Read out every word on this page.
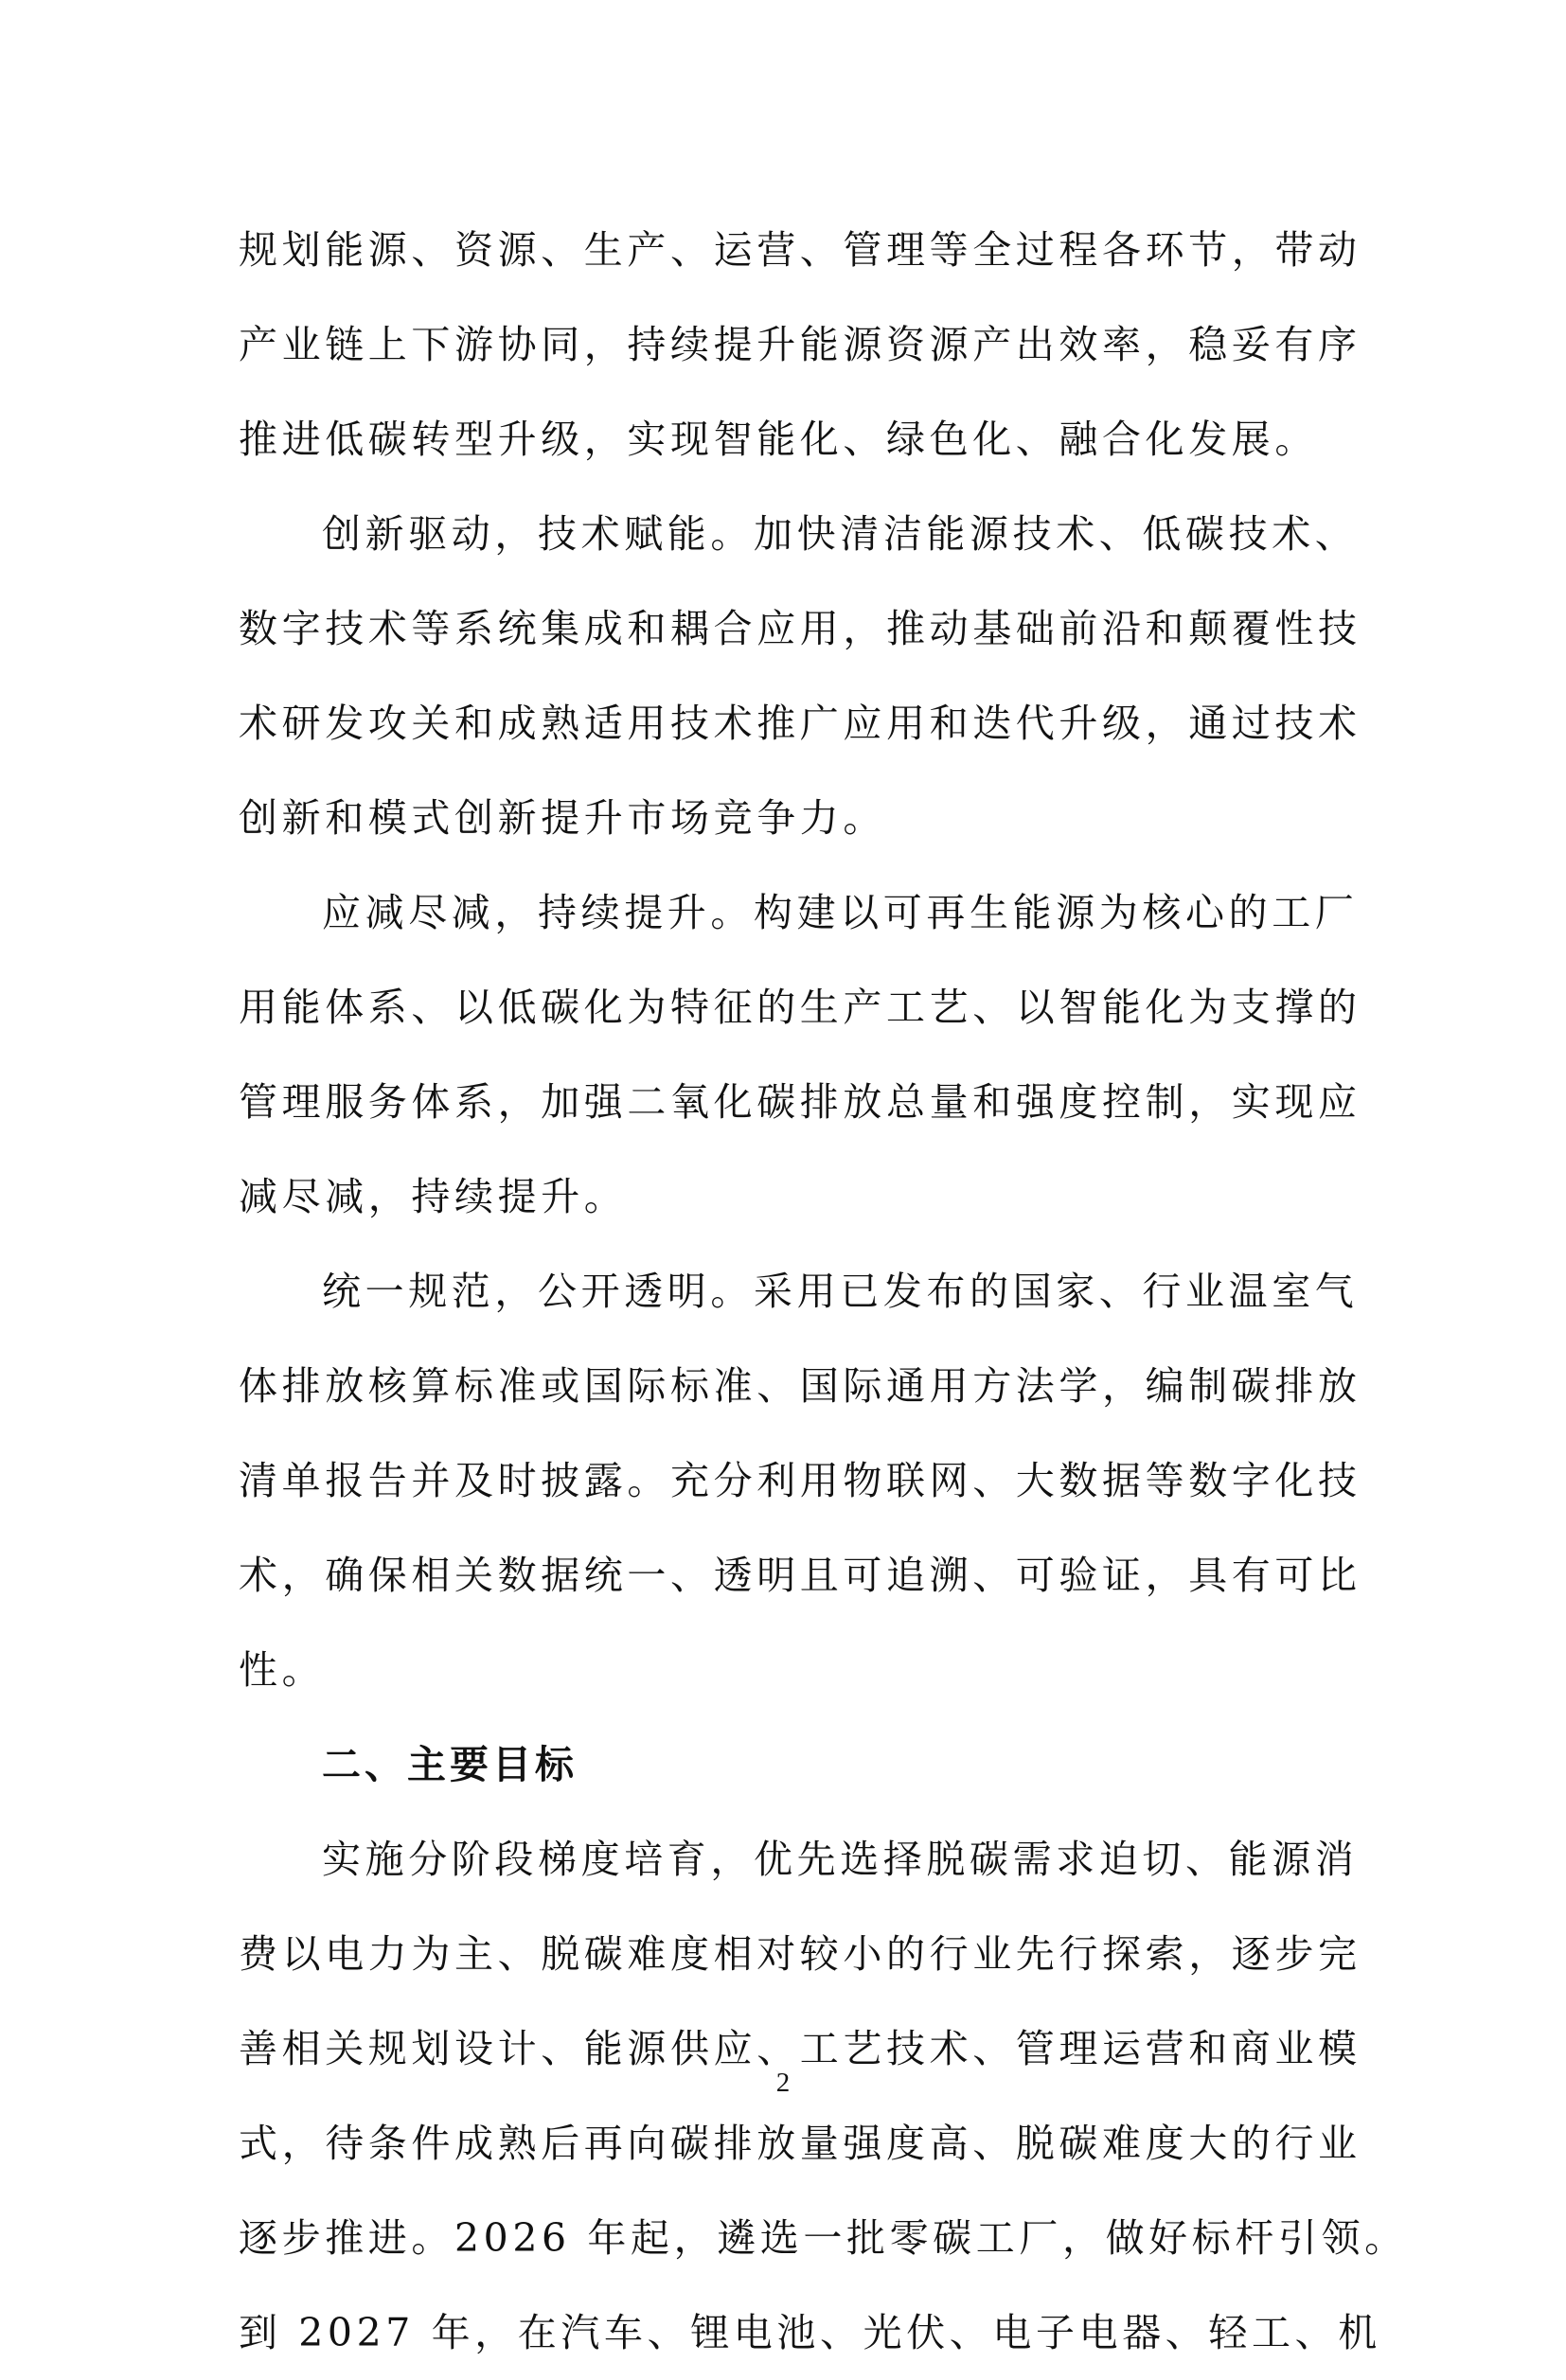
规划能源、资源、生产、运营、管理等全过程各环节，带动
产业链上下游协同，持续提升能源资源产出效率，稳妥有序
推进低碳转型升级，实现智能化、绿色化、融合化发展。
创新驱动，技术赋能。加快清洁能源技术、低碳技术、
数字技术等系统集成和耦合应用，推动基础前沿和颠覆性技
术研发攻关和成熟适用技术推广应用和迭代升级，通过技术
创新和模式创新提升市场竞争力。
应减尽减，持续提升。构建以可再生能源为核心的工厂
用能体系、以低碳化为特征的生产工艺、以智能化为支撑的
管理服务体系，加强二氧化碳排放总量和强度控制，实现应
减尽减，持续提升。
统一规范，公开透明。采用已发布的国家、行业温室气
体排放核算标准或国际标准、国际通用方法学，编制碳排放
清单报告并及时披露。充分利用物联网、大数据等数字化技
术，确保相关数据统一、透明且可追溯、可验证，具有可比
性。
二、主要目标
实施分阶段梯度培育，优先选择脱碳需求迫切、能源消
费以电力为主、脱碳难度相对较小的行业先行探索，逐步完
善相关规划设计、能源供应、工艺技术、管理运营和商业模
式，待条件成熟后再向碳排放量强度高、脱碳难度大的行业
逐步推进。2026 年起，遴选一批零碳工厂，做好标杆引领。
到 2027 年，在汽车、锂电池、光伏、电子电器、轻工、机
2
